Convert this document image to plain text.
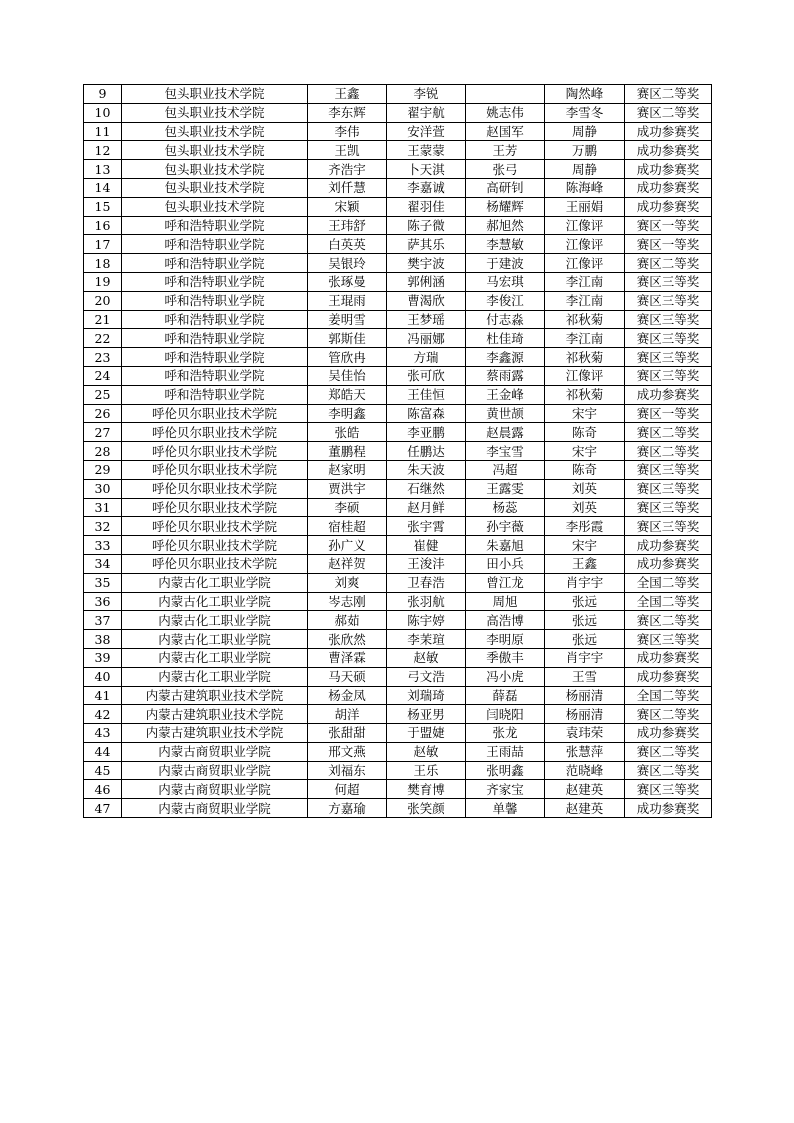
9	包头职业技术学院	王鑫	李锐		陶然峰	赛区二等奖
10	包头职业技术学院	李东辉	翟宇航	姚志伟	李雪冬	赛区二等奖
11	包头职业技术学院	李伟	安洋萱	赵国军	周静	成功参赛奖
12	包头职业技术学院	王凯	王蒙蒙	王芳	万鹏	成功参赛奖
13	包头职业技术学院	齐浩宇	卜天淇	张弓	周静	成功参赛奖
14	包头职业技术学院	刘仟慧	李嘉诚	高研钊	陈海峰	成功参赛奖
15	包头职业技术学院	宋颖	翟羽佳	杨耀辉	王丽娟	成功参赛奖
16	呼和浩特职业学院	王玮舒	陈子微	郝旭然	江像评	赛区一等奖
17	呼和浩特职业学院	白英英	萨其乐	李慧敏	江像评	赛区一等奖
18	呼和浩特职业学院	吴银玲	樊宇波	于建波	江像评	赛区二等奖
19	呼和浩特职业学院	张琢曼	郭俐涵	马宏琪	李江南	赛区三等奖
20	呼和浩特职业学院	王琨雨	曹渴欣	李俊江	李江南	赛区三等奖
21	呼和浩特职业学院	姜明雪	王梦瑶	付志淼	祁秋菊	赛区三等奖
22	呼和浩特职业学院	郭斯佳	冯丽娜	杜佳琦	李江南	赛区三等奖
23	呼和浩特职业学院	管欣冉	方瑞	李鑫源	祁秋菊	赛区三等奖
24	呼和浩特职业学院	吴佳怡	张可欣	蔡雨露	江像评	赛区三等奖
25	呼和浩特职业学院	郑皓天	王佳恒	王金峰	祁秋菊	成功参赛奖
26	呼伦贝尔职业技术学院	李明鑫	陈富森	黄世颉	宋宇	赛区一等奖
27	呼伦贝尔职业技术学院	张皓	李亚鹏	赵晨露	陈奇	赛区二等奖
28	呼伦贝尔职业技术学院	董鹏程	任鹏达	李宝雪	宋宇	赛区二等奖
29	呼伦贝尔职业技术学院	赵家明	朱天波	冯超	陈奇	赛区三等奖
30	呼伦贝尔职业技术学院	贾洪宇	石继然	王露雯	刘英	赛区三等奖
31	呼伦贝尔职业技术学院	李硕	赵月鲜	杨蕊	刘英	赛区三等奖
32	呼伦贝尔职业技术学院	宿桂超	张宇霄	孙宇薇	李彤霞	赛区三等奖
33	呼伦贝尔职业技术学院	孙广义	崔健	朱嘉旭	宋宇	成功参赛奖
34	呼伦贝尔职业技术学院	赵祥贺	王浚沣	田小兵	王鑫	成功参赛奖
35	内蒙古化工职业学院	刘爽	卫春浩	曾江龙	肖宇宇	全国二等奖
36	内蒙古化工职业学院	岑志刚	张羽航	周旭	张远	全国二等奖
37	内蒙古化工职业学院	郝茹	陈宇婷	高浩博	张远	赛区二等奖
38	内蒙古化工职业学院	张欣然	李茉瑄	李明原	张远	赛区三等奖
39	内蒙古化工职业学院	曹泽霖	赵敏	季傲丰	肖宇宇	成功参赛奖
40	内蒙古化工职业学院	马天硕	弓文浩	冯小虎	王雪	成功参赛奖
41	内蒙古建筑职业技术学院	杨金凤	刘瑞琦	薛磊	杨丽清	全国二等奖
42	内蒙古建筑职业技术学院	胡洋	杨亚男	闫晓阳	杨丽清	赛区二等奖
43	内蒙古建筑职业技术学院	张甜甜	于盟婕	张龙	袁玮荣	成功参赛奖
44	内蒙古商贸职业学院	邢文燕	赵敏	王雨喆	张慧萍	赛区二等奖
45	内蒙古商贸职业学院	刘福东	王乐	张明鑫	范晓峰	赛区二等奖
46	内蒙古商贸职业学院	何超	樊育博	齐家宝	赵建英	赛区三等奖
47	内蒙古商贸职业学院	方嘉瑜	张笑颜	单馨	赵建英	成功参赛奖
